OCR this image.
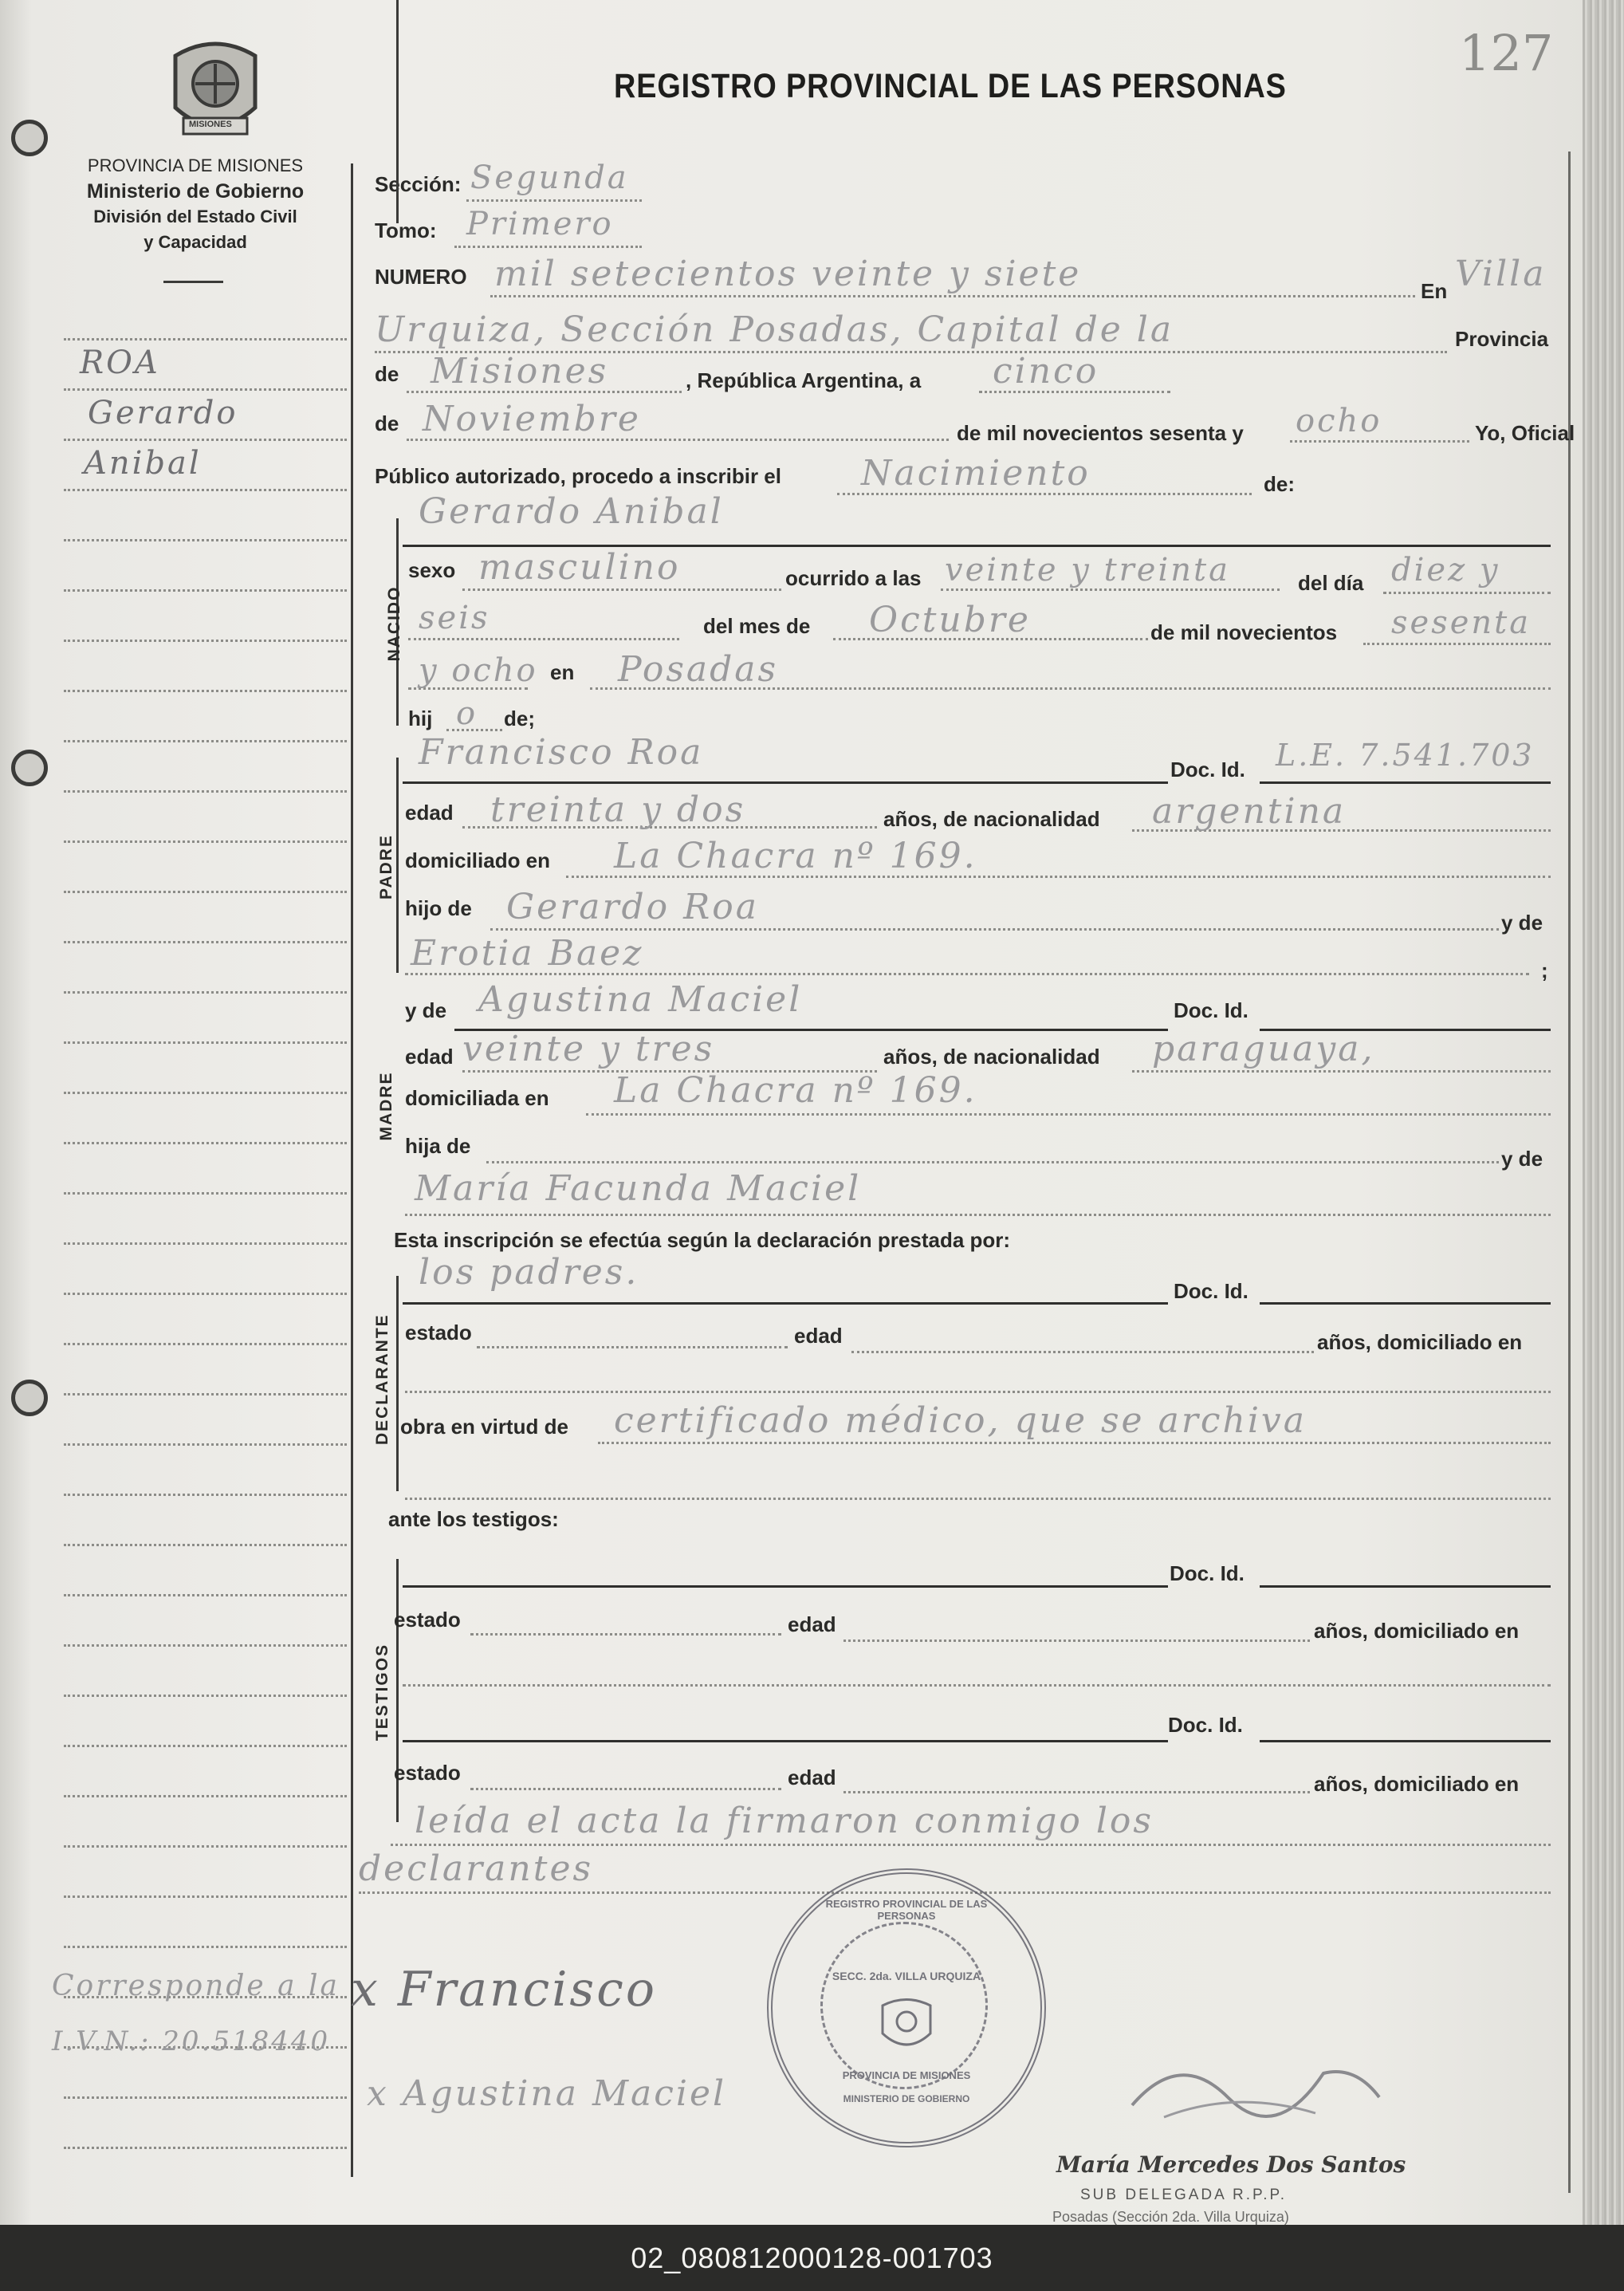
127
MISIONES
PROVINCIA DE MISIONES
Ministerio de Gobierno
División del Estado Civil
y Capacidad
REGISTRO PROVINCIAL DE LAS PERSONAS
ROA
Gerardo
Anibal
Corresponde a la
I.V.N.: 20.518440
Sección: Segunda
Tomo: Primero
NUMERO mil setecientos veinte y siete	En Villa
Urquiza, Sección Posadas, Capital de la	Provincia
de Misiones	, República Argentina, a cinco
de Noviembre	de mil novecientos sesenta y ocho	Yo, Oficial
Público autorizado, procedo a inscribir el Nacimiento	de:
Gerardo Anibal
NACIDO
sexo masculino	ocurrido a las veinte y treinta	del día diez y
seis	del mes de Octubre	de mil novecientos sesenta
y ocho en Posadas
hij o de;
Francisco Roa	Doc. Id. L.E. 7.541.703
PADRE
edad treinta y dos	años, de nacionalidad argentina
domiciliado en La Chacra nº 169.
hijo de Gerardo Roa	y de
Erotia Baez	;
y de Agustina Maciel	Doc. Id.
MADRE
edad veinte y tres	años, de nacionalidad paraguaya,
domiciliada en La Chacra nº 169.
hija de
y de
María Facunda Maciel
Esta inscripción se efectúa según la declaración prestada por:
los padres.	Doc. Id.
DECLARANTE estado	edad	años, domiciliado en
obra en virtud de certificado médico, que se archiva
ante los testigos:
Doc. Id.
TESTIGOS
estado	edad	años, domiciliado en
Doc. Id.
estado	edad	años, domiciliado en
leída el acta la firmaron conmigo los
declarantes
x Francisco
x Agustina Maciel
REGISTRO PROVINCIAL DE LAS PERSONAS
SECC. 2da. VILLA URQUIZA
PROVINCIA DE MISIONES
MINISTERIO DE GOBIERNO
María Mercedes Dos Santos
SUB DELEGADA R.P.P.
Posadas (Sección 2da. Villa Urquiza)
02_080812000128-001703
